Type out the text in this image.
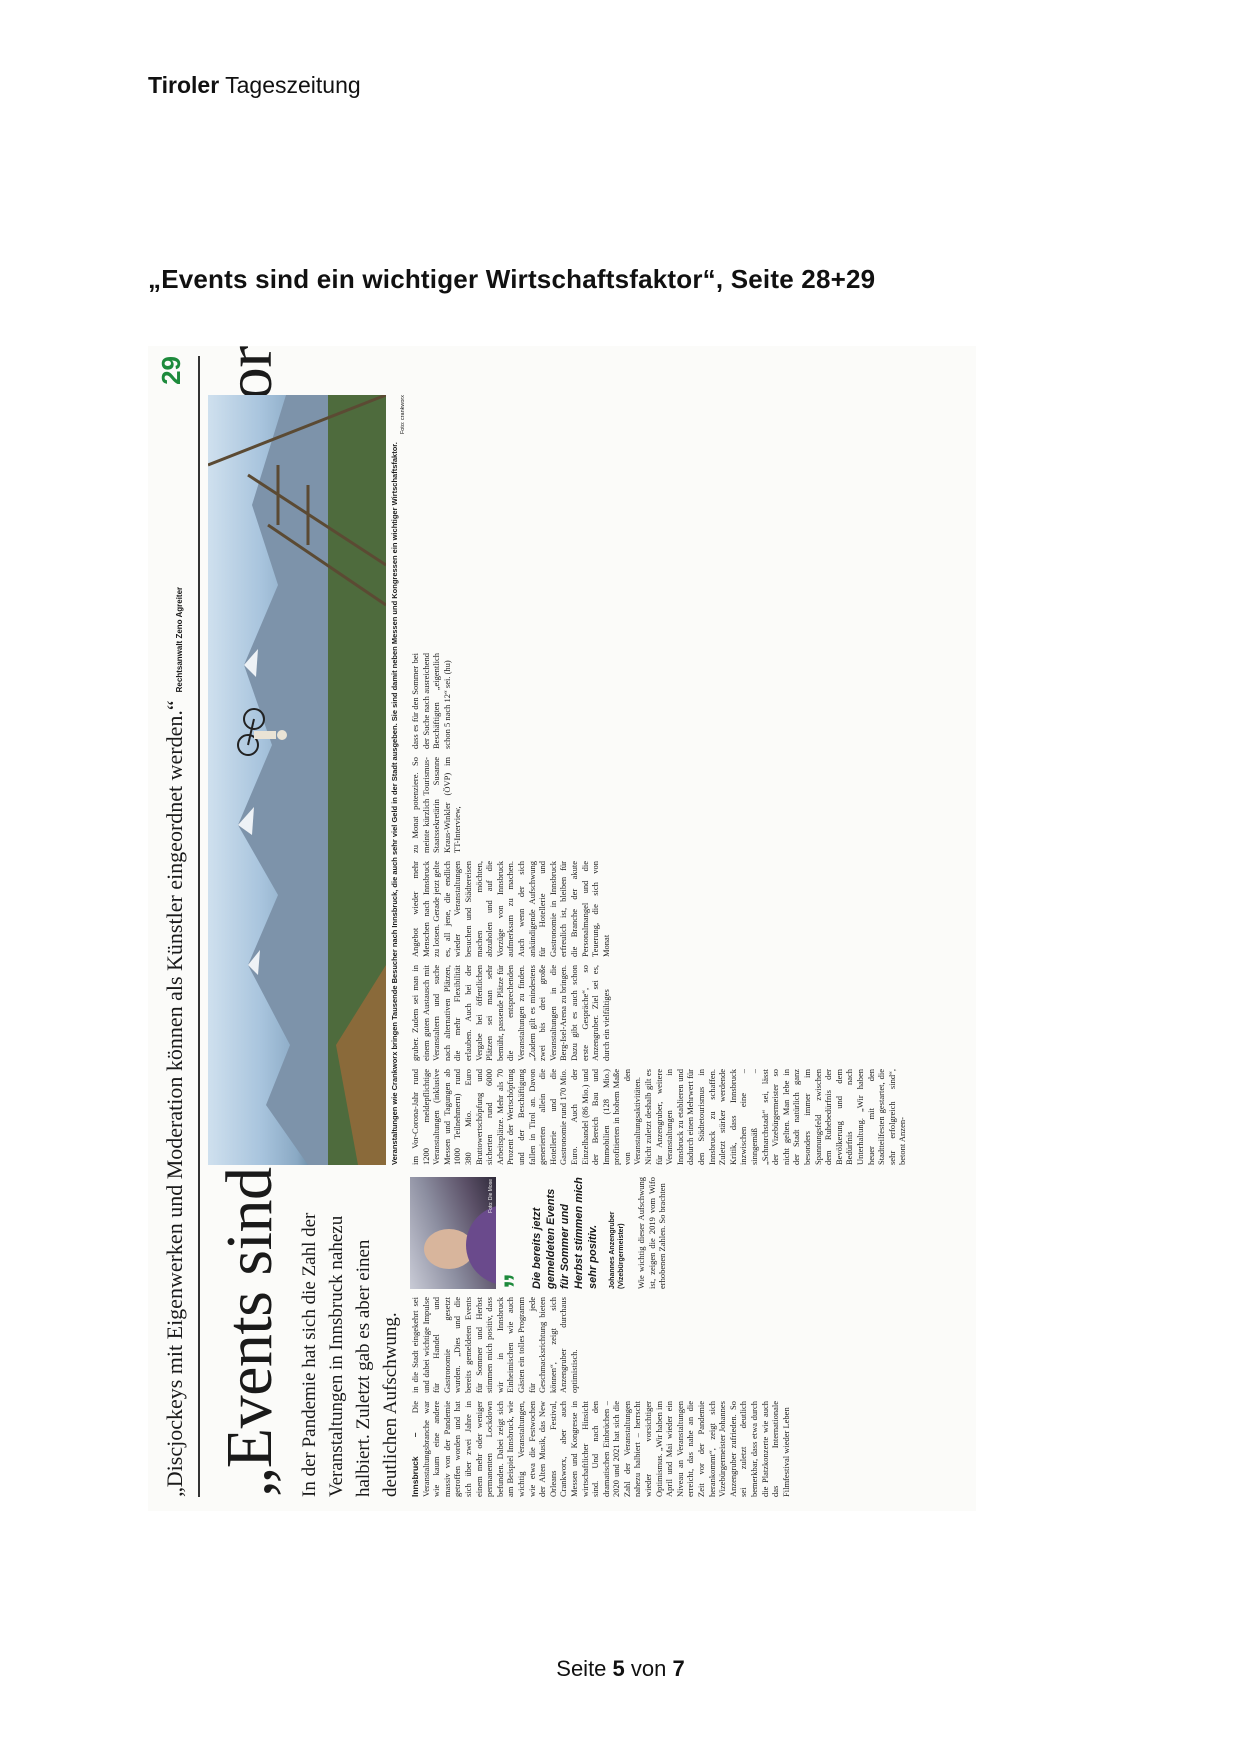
Tiroler Tageszeitung
„Events sind ein wichtiger Wirtschaftsfaktor“, Seite 28+29
„Discjockeys mit Eigenwerken und Moderation können als Künstler eingeordnet werden.“Rechtsanwalt Zeno Agreiter
29
In der Pandemie hat sich die Zahl der Veranstaltungen in Innsbruck nahezu halbiert. Zuletzt gab es aber einen deutlichen Aufschwung.
Veranstaltungen wie Crankworx bringen Tausende Besucher nach Innsbruck, die auch sehr viel Geld in der Stadt ausgeben. Sie sind damit neben Messen und Kongressen ein wichtiger Wirtschaftsfaktor.
Foto: crankworx
Innsbruck – Die Veranstaltungsbranche war wie kaum eine andere massiv von der Pandemie getroffen worden und hat sich über zwei Jahre in einem mehr oder weniger permanenten Lockdown befunden. Dabei zeigt sich am Beispiel Innsbruck, wie wichtig Veranstaltungen, wie etwa die Festwochen der Alten Musik, das New Orleans Festival, Crankworx, aber auch Messen und Kongresse in wirtschaftlicher Hinsicht sind. Und nach den dramatischen Einbrüchen – 2020 und 2021 hat sich die Zahl der Veranstaltungen nahezu halbiert – herrscht wieder vorsichtiger Optimismus. „Wir haben im April und Mai wieder ein Niveau an Veranstaltungen erreicht, das nahe an die Zeit vor der Pandemie herankommt“, zeigt sich Vizebürgermeister Johannes Anzengruber zufrieden. So sei zuletzt deutlich bemerkbar, dass etwa durch die Platzkonzerte wie auch das Internationale Filmfestival wieder Leben
in die Stadt eingekehrt sei und dabei wichtige Impulse für Handel und Gastronomie gesetzt wurden. „Dies und die bereits gemeldeten Events für Sommer und Herbst stimmen mich positiv, dass wir in Innsbruck Einheimischen wie auch Gästen ein tolles Programm für jede Geschmacksrichtung bieten können“, zeigt sich Anzengruber durchaus optimistisch.
Foto: Die Mose
”
Die bereits jetzt gemeldeten Events für Sommer und Herbst stimmen mich sehr positiv. Johannes Anzengruber (Vizebürgermeister) Wie wichtig dieser Aufschwung ist, zeigen die 2019 vom Wifo erhobenen Zahlen. So brachten
im Vor-Corona-Jahr rund 1200 meldepflichtige Veranstaltungen (inklusive Messen und Tagungen ab 1000 Teilnehmern) rund 380 Mio. Euro Bruttowertschöpfung und sicherten rund 6000 Arbeitsplätze. Mehr als 70 Prozent der Wertschöpfung und der Beschäftigung fallen in Tirol an. Davon generierten allein die Hotellerie und die Gastronomie rund 170 Mio. Euro. Auch der Einzelhandel (86 Mio.) und der Bereich Bau und Immobilien (128 Mio.) profitierten in hohem Maße von den Veranstaltungsaktivitäten. Nicht zuletzt deshalb gilt es für Anzengruber, weitere Veranstaltungen in Innsbruck zu etablieren und dadurch einen Mehrwert für den Städtetourismus in Innsbruck zu schaffen. Zuletzt stärker werdende Kritik, dass Innsbruck inzwischen eine – sinngemäß – „Schnarchstadt“ sei, lässt der Vizebürgermeister so nicht gelten. Man lebe in der Stadt natürlich ganz besonders immer im Spannungsfeld zwischen dem Ruhebedürfnis der Bevölkerung und dem Bedürfnis nach Unterhaltung. „Wir haben heuer mit den Stadtteilfesten gestartet, die sehr erfolgreich sind“, betont Anzen-
gruber. Zudem sei man in einem guten Austausch mit Veranstaltern und suche nach alternativen Plätzen, die mehr Flexibilität erlauben. Auch bei der Vergabe bei öffentlichen Plätzen sei man sehr bemüht, passende Plätze für die entsprechenden Veranstaltungen zu finden. „Zudem gilt es mindestens zwei bis drei große Veranstaltungen in die Berg-Isel-Arena zu bringen. Dazu gibt es auch schon erste Gespräche“, so Anzengruber. Ziel sei es, durch ein vielfältiges
Angebot wieder mehr Menschen nach Innsbruck zu lotsen. Gerade jetzt gelte es, all jene, die endlich wieder Veranstaltungen besuchen und Städtereisen machen möchten, abzuholen und auf die Vorzüge von Innsbruck aufmerksam zu machen. Auch wenn der sich ankündigende Aufschwung für Hotellerie und Gastronomie in Innsbruck erfreulich ist, bleiben für die Branche der akute Personalmangel und die Teuerung, die sich von Monat
zu Monat potenziere. So meinte kürzlich Tourismus-Staatssekretärin Susanne Kraus-Winkler (ÖVP) im TT-Interview,
dass es für den Sommer bei der Suche nach ausreichend Beschäftigten „eigentlich schon 5 nach 12“ sei. (hu)
Seite 5 von 7
